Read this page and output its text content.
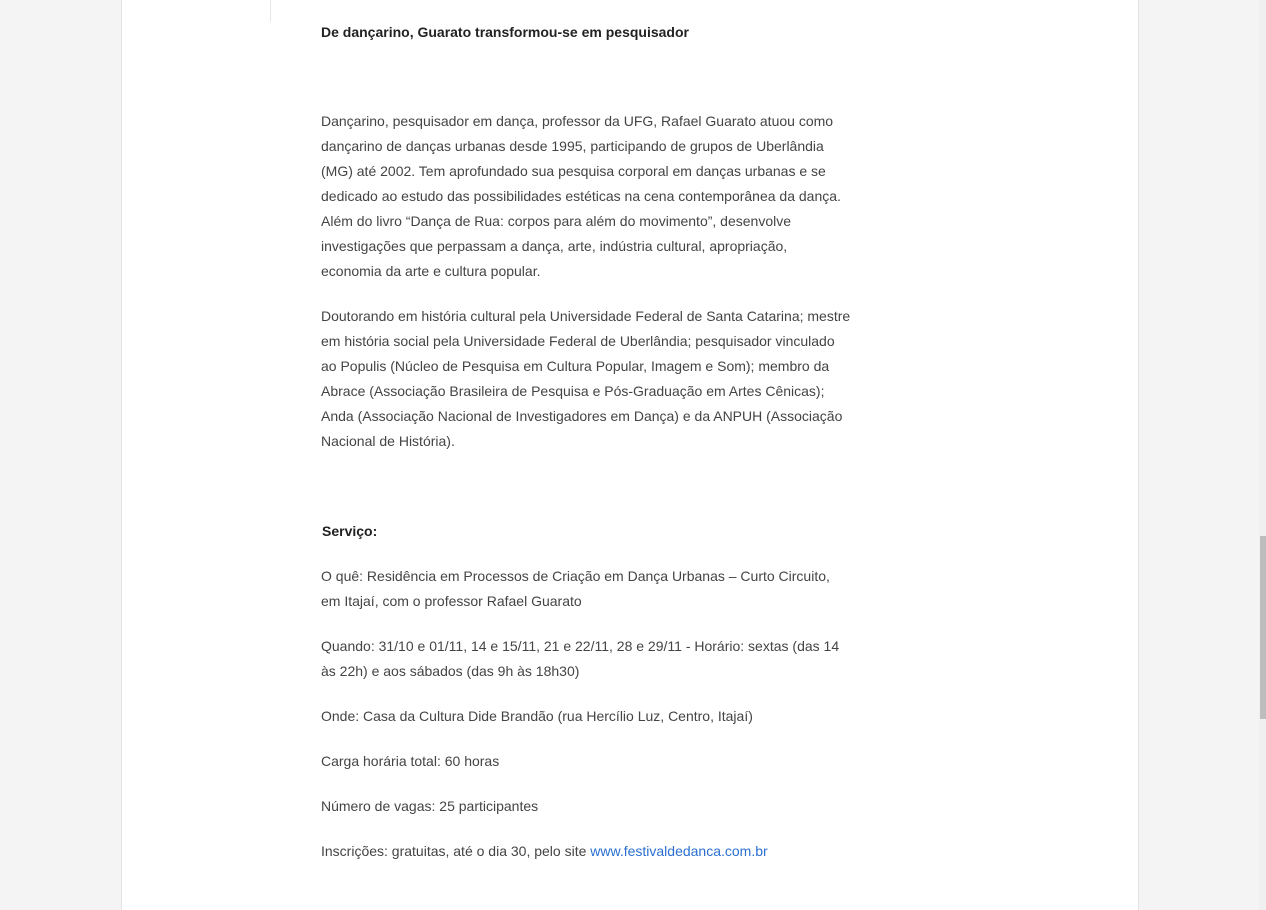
De dançarino, Guarato transformou-se em pesquisador

Dançarino, pesquisador em dança, professor da UFG, Rafael Guarato atuou como dançarino de danças urbanas desde 1995, participando de grupos de Uberlândia (MG) até 2002. Tem aprofundado sua pesquisa corporal em danças urbanas e se dedicado ao estudo das possibilidades estéticas na cena contemporânea da dança. Além do livro “Dança de Rua: corpos para além do movimento”, desenvolve investigações que perpassam a dança, arte, indústria cultural, apropriação, economia da arte e cultura popular.

Doutorando em história cultural pela Universidade Federal de Santa Catarina; mestre em história social pela Universidade Federal de Uberlândia; pesquisador vinculado ao Populis (Núcleo de Pesquisa em Cultura Popular, Imagem e Som); membro da Abrace (Associação Brasileira de Pesquisa e Pós-Graduação em Artes Cênicas); Anda (Associação Nacional de Investigadores em Dança) e da ANPUH (Associação Nacional de História).

Serviço:

O quê: Residência em Processos de Criação em Dança Urbanas – Curto Circuito, em Itajaí, com o professor Rafael Guarato

Quando: 31/10 e 01/11, 14 e 15/11, 21 e 22/11, 28 e 29/11 - Horário: sextas (das 14 às 22h) e aos sábados (das 9h às 18h30)

Onde: Casa da Cultura Dide Brandão (rua Hercílio Luz, Centro, Itajaí)

Carga horária total: 60 horas

Número de vagas: 25 participantes

Inscrições: gratuitas, até o dia 30, pelo site www.festivaldedanca.com.br
